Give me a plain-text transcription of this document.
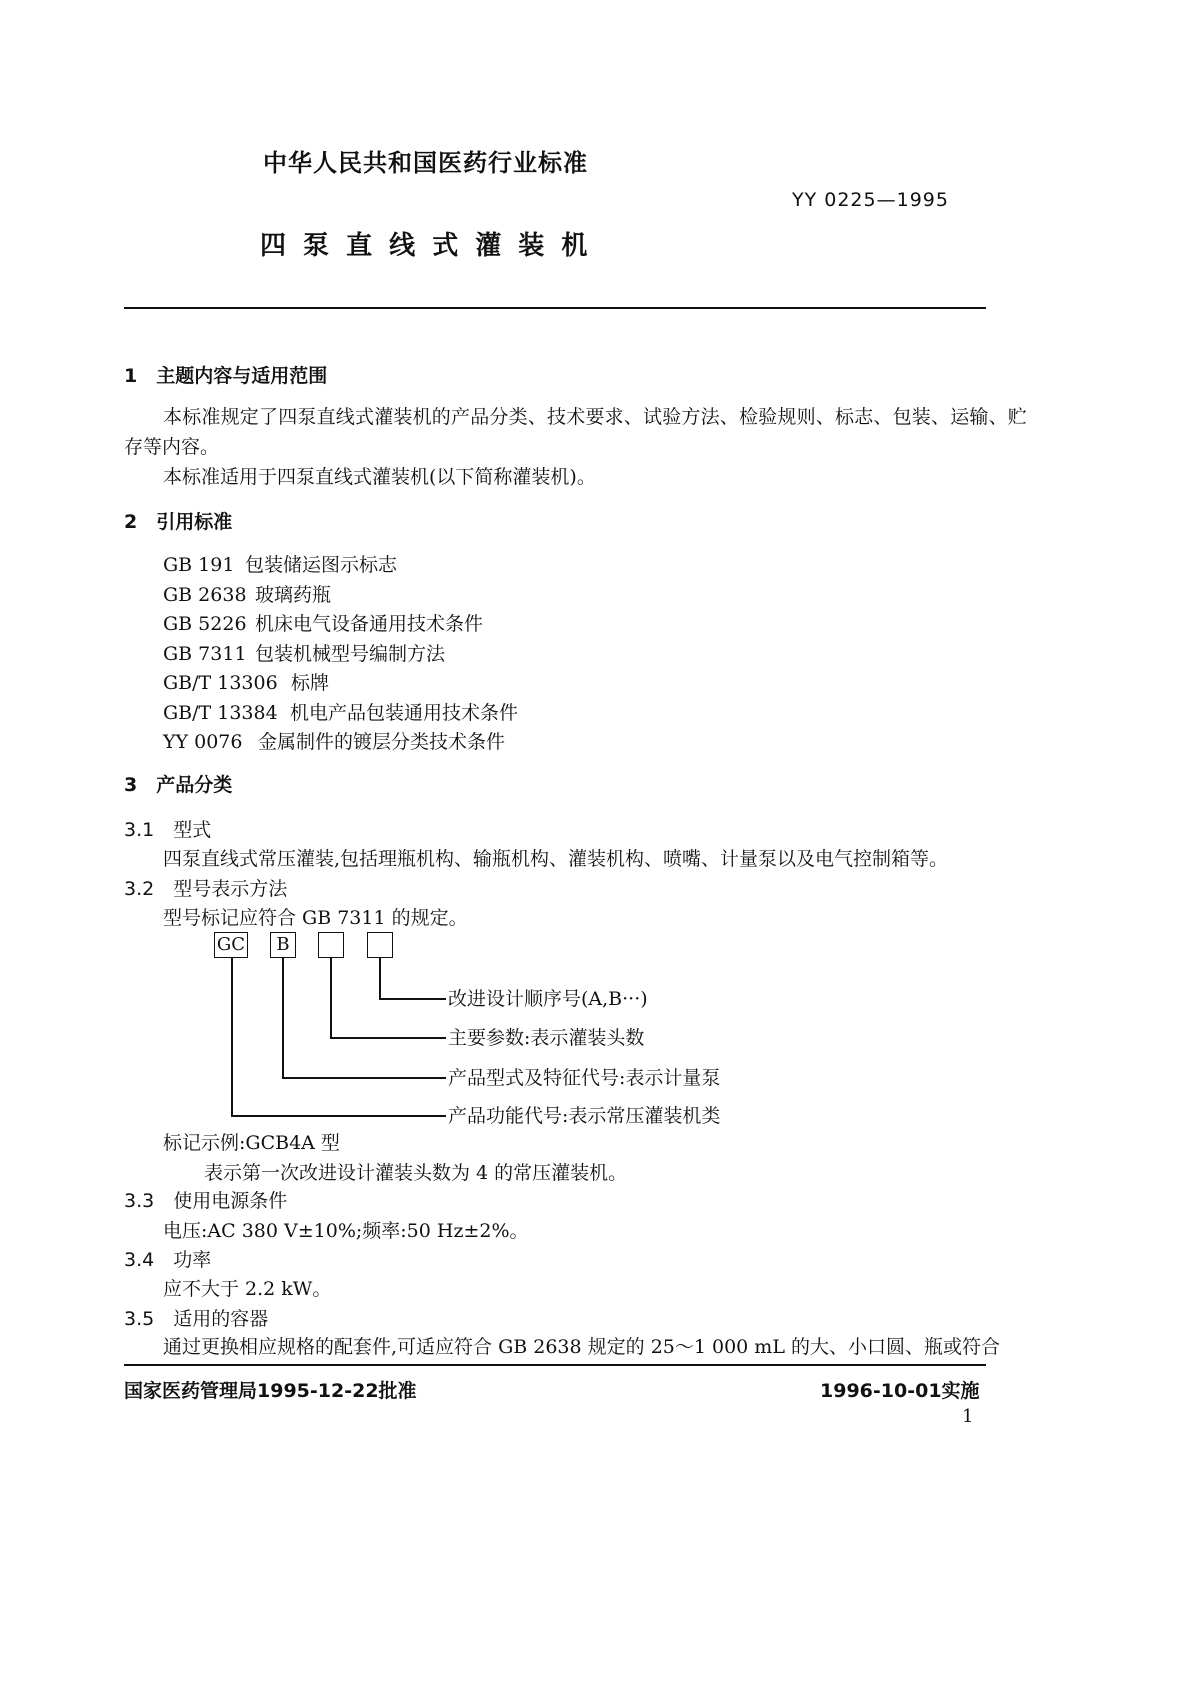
中华人民共和国医药行业标准
YY 0225—1995
四 泵 直 线 式 灌 装 机
1　主题内容与适用范围
本标准规定了四泵直线式灌装机的产品分类、技术要求、试验方法、检验规则、标志、包装、运输、贮
存等内容。
本标准适用于四泵直线式灌装机(以下简称灌装机)。
2　引用标准
GB 191 包装储运图示标志
GB 2638 玻璃药瓶
GB 5226 机床电气设备通用技术条件
GB 7311 包装机械型号编制方法
GB/T 13306 标牌
GB/T 13384 机电产品包装通用技术条件
YY 0076 金属制件的镀层分类技术条件
3　产品分类
3.1　型式
四泵直线式常压灌装,包括理瓶机构、输瓶机构、灌装机构、喷嘴、计量泵以及电气控制箱等。
3.2　型号表示方法
型号标记应符合 GB 7311 的规定。
GC	B
改进设计顺序号(A,B···)
主要参数:表示灌装头数
产品型式及特征代号:表示计量泵
产品功能代号:表示常压灌装机类
标记示例:GCB4A 型
表示第一次改进设计灌装头数为 4 的常压灌装机。
3.3　使用电源条件
电压:AC 380 V±10%;频率:50 Hz±2%。
3.4　功率
应不大于 2.2 kW。
3.5　适用的容器
通过更换相应规格的配套件,可适应符合 GB 2638 规定的 25～1 000 mL 的大、小口圆、瓶或符合
国家医药管理局1995-12-22批准	1996-10-01实施
1
